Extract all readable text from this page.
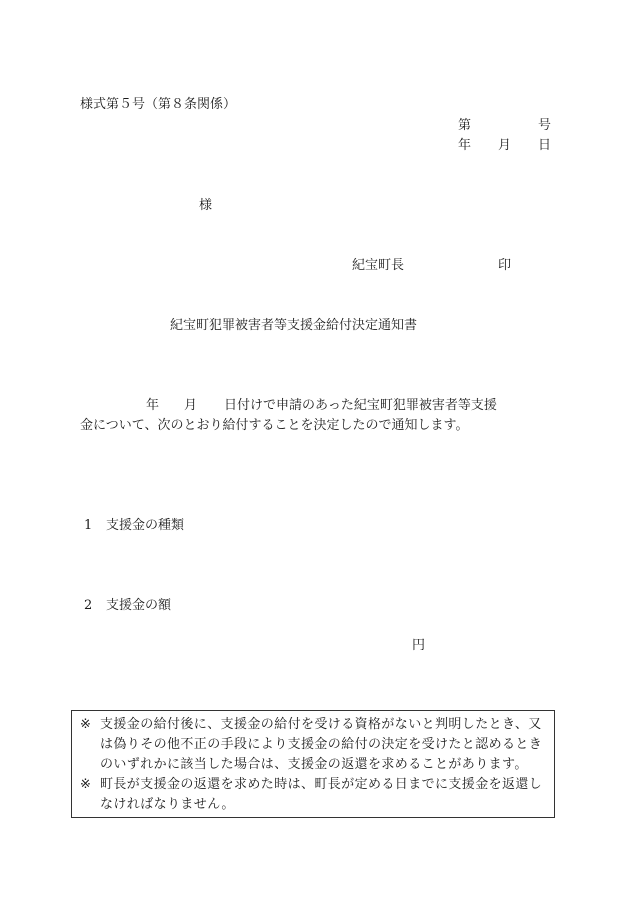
様式第５号（第８条関係）
第	号
年 月 日
様
紀宝町長	印
紀宝町犯罪被害者等支援金給付決定通知書
年 月 日付けで申請のあった紀宝町犯罪被害者等支援
金について、次のとおり給付することを決定したので通知します。
1 支援金の種類
2 支援金の額
円
※ 支援金の給付後に、支援金の給付を受ける資格がないと判明したとき、又は偽りその他不正の手段により支援金の給付の決定を受けたと認めるときのいずれかに該当した場合は、支援金の返還を求めることがあります。
※ 町長が支援金の返還を求めた時は、町長が定める日までに支援金を返還しなければなりません。
